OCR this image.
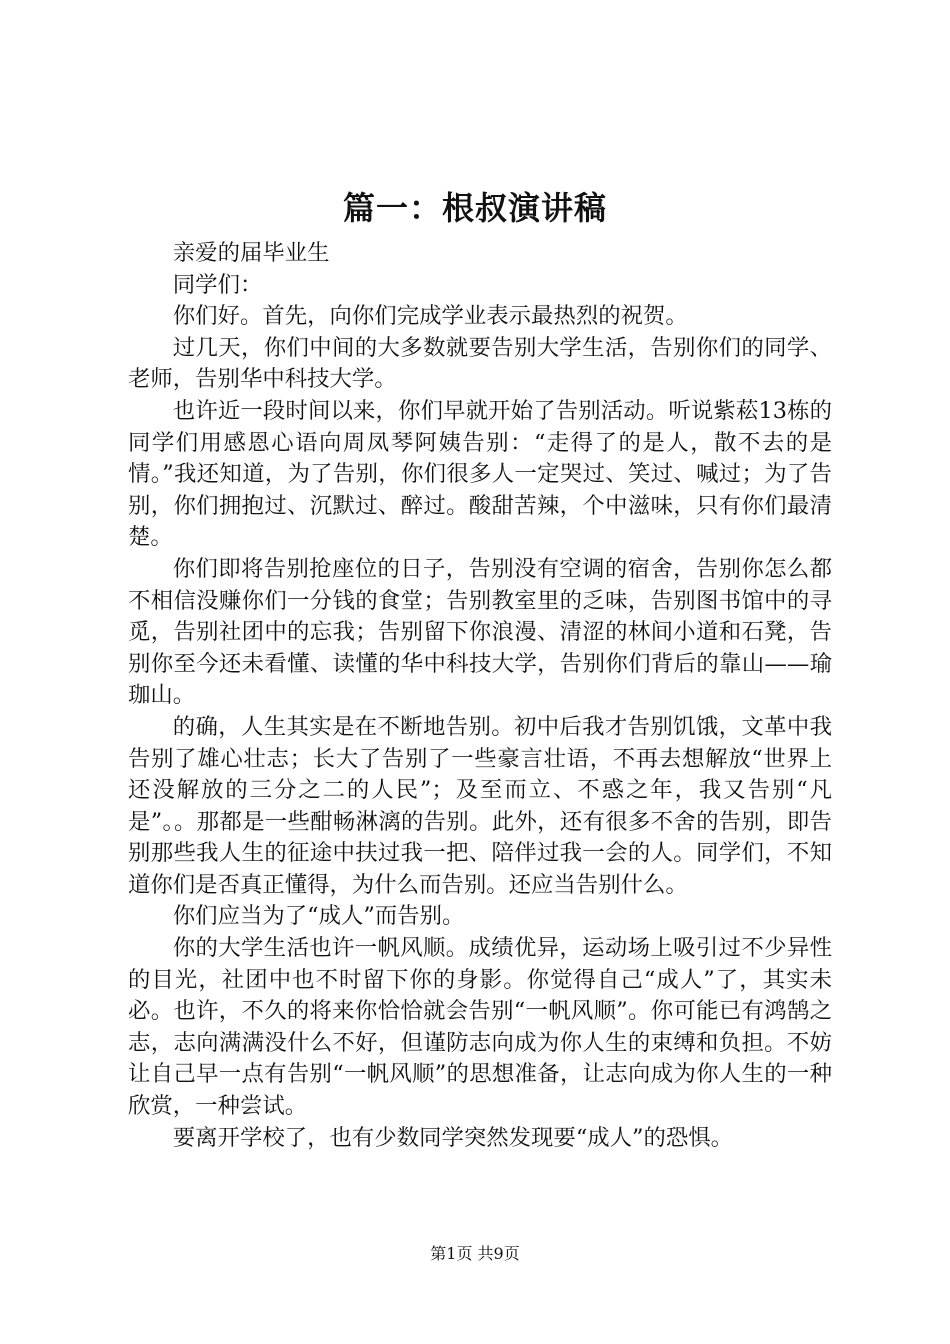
篇一：根叔演讲稿

亲爱的届毕业生

同学们：

你们好。首先，向你们完成学业表示最热烈的祝贺。

过几天，你们中间的大多数就要告别大学生活，告别你们的同学、老师，告别华中科技大学。

也许近一段时间以来，你们早就开始了告别活动。听说紫菘13栋的同学们用感恩心语向周凤琴阿姨告别：“走得了的是人，散不去的是情。”我还知道，为了告别，你们很多人一定哭过、笑过、喊过；为了告别，你们拥抱过、沉默过、醉过。酸甜苦辣，个中滋味，只有你们最清楚。

你们即将告别抢座位的日子，告别没有空调的宿舍，告别你怎么都不相信没赚你们一分钱的食堂；告别教室里的乏味，告别图书馆中的寻觅，告别社团中的忘我；告别留下你浪漫、清涩的林间小道和石凳，告别你至今还未看懂、读懂的华中科技大学，告别你们背后的靠山——瑜珈山。

的确，人生其实是在不断地告别。初中后我才告别饥饿，文革中我告别了雄心壮志；长大了告别了一些豪言壮语，不再去想解放“世界上还没解放的三分之二的人民”；及至而立、不惑之年，我又告别“凡是”。。那都是一些酣畅淋漓的告别。此外，还有很多不舍的告别，即告别那些我人生的征途中扶过我一把、陪伴过我一会的人。同学们，不知道你们是否真正懂得，为什么而告别。还应当告别什么。

你们应当为了“成人”而告别。

你的大学生活也许一帆风顺。成绩优异，运动场上吸引过不少异性的目光，社团中也不时留下你的身影。你觉得自己“成人”了，其实未必。也许，不久的将来你恰恰就会告别“一帆风顺”。你可能已有鸿鹄之志，志向满满没什么不好，但谨防志向成为你人生的束缚和负担。不妨让自己早一点有告别“一帆风顺”的思想准备，让志向成为你人生的一种欣赏，一种尝试。

要离开学校了，也有少数同学突然发现要“成人”的恐惧。

第1页 共9页
